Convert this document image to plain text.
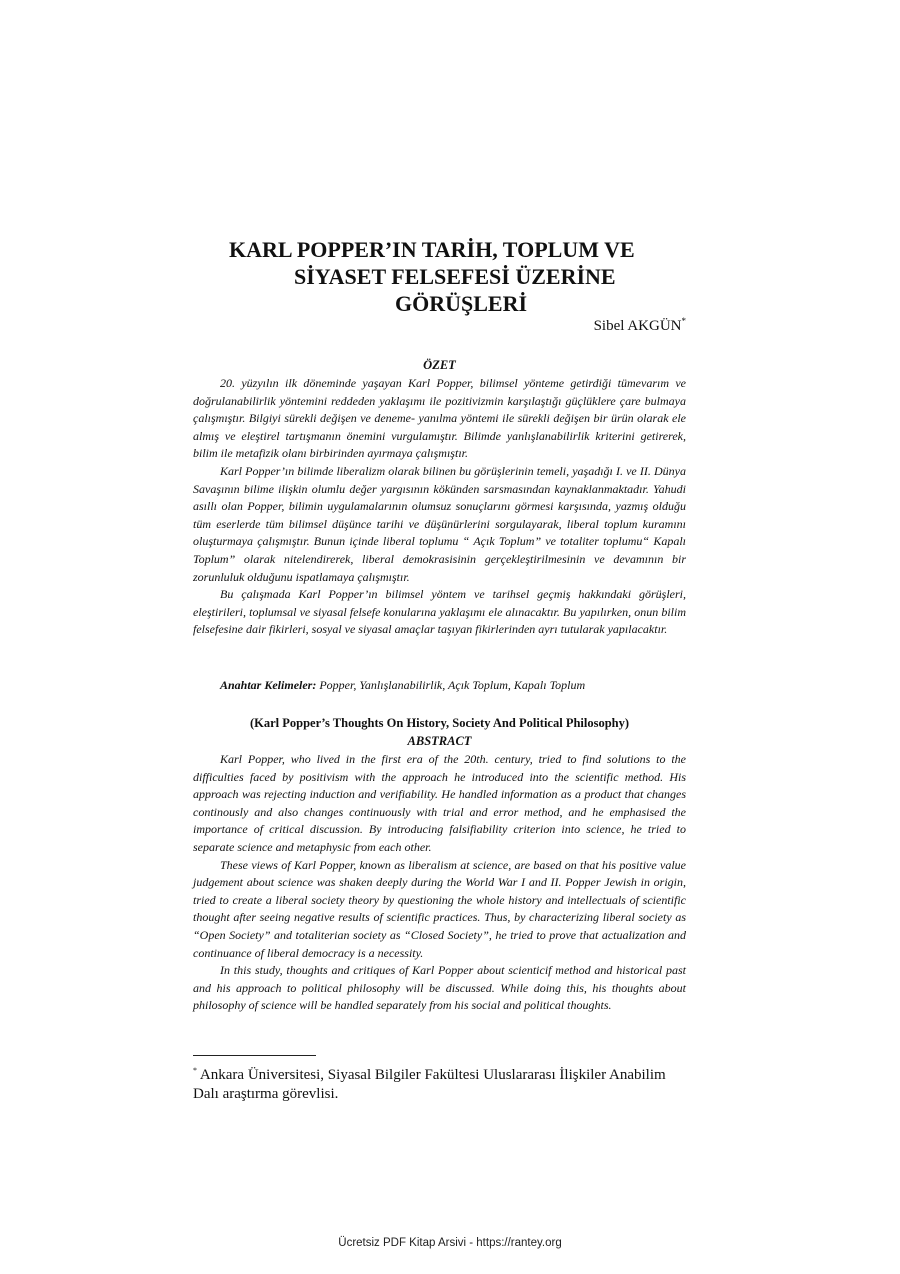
KARL POPPER’IN TARİH, TOPLUM VE
SİYASET FELSEFESİ ÜZERİNE
GÖRÜŞLERİ

Sibel AKGÜN*

ÖZET

20. yüzyılın ilk döneminde yaşayan Karl Popper, bilimsel yönteme getirdiği tümevarım ve doğrulanabilirlik yöntemini reddeden yaklaşımı ile pozitivizmin karşılaştığı güçlüklere çare bulmaya çalışmıştır. Bilgiyi sürekli değişen ve deneme- yanılma yöntemi ile sürekli değişen bir ürün olarak ele almış ve eleştirel tartışmanın önemini vurgulamıştır. Bilimde yanlışlanabilirlik kriterini getirerek, bilim ile metafizik olanı birbirinden ayırmaya çalışmıştır.

Karl Popper’ın bilimde liberalizm olarak bilinen bu görüşlerinin temeli, yaşadığı I. ve II. Dünya Savaşının bilime ilişkin olumlu değer yargısının kökünden sarsmasından kaynaklanmaktadır. Yahudi asıllı olan Popper, bilimin uygulamalarının olumsuz sonuçlarını görmesi karşısında, yazmış olduğu tüm eserlerde tüm bilimsel düşünce tarihi ve düşünürlerini sorgulayarak, liberal toplum kuramını oluşturmaya çalışmıştır. Bunun içinde liberal toplumu “ Açık Toplum” ve totaliter toplumu“ Kapalı Toplum” olarak nitelendirerek, liberal demokrasisinin gerçekleştirilmesinin ve devamının bir zorunluluk olduğunu ispatlamaya çalışmıştır.

Bu çalışmada Karl Popper’ın bilimsel yöntem ve tarihsel geçmiş hakkındaki görüşleri, eleştirileri, toplumsal ve siyasal felsefe konularına yaklaşımı ele alınacaktır. Bu yapılırken, onun bilim felsefesine dair fikirleri, sosyal ve siyasal amaçlar taşıyan fikirlerinden ayrı tutularak yapılacaktır.

Anahtar Kelimeler: Popper, Yanlışlanabilirlik, Açık Toplum, Kapalı Toplum

(Karl Popper’s Thoughts On History, Society And Political Philosophy)
ABSTRACT

Karl Popper, who lived in the first era of the 20th. century, tried to find solutions to the difficulties faced by positivism with the approach he introduced into the scientific method. His approach was rejecting induction and verifiability. He handled information as a product that changes continously and also changes continuously with trial and error method, and he emphasised the importance of critical discussion. By introducing falsifiability criterion into science, he tried to separate science and metaphysic from each other.

These views of Karl Popper, known as liberalism at science, are based on that his positive value judgement about science was shaken deeply during the World War I and II. Popper Jewish in origin, tried to create a liberal society theory by questioning the whole history and intellectuals of scientific thought after seeing negative results of scientific practices. Thus, by characterizing liberal society as “Open Society” and totaliterian society as “Closed Society”, he tried to prove that actualization and continuance of liberal democracy is a necessity.

In this study, thoughts and critiques of Karl Popper about scienticif method and historical past and his approach to political philosophy will be discussed. While doing this, his thoughts about philosophy of science will be handled separately from his social and political thoughts.

* Ankara Üniversitesi, Siyasal Bilgiler Fakültesi Uluslararası İlişkiler Anabilim Dalı araştırma görevlisi.

Ücretsiz PDF Kitap Arsivi - https://rantey.org
